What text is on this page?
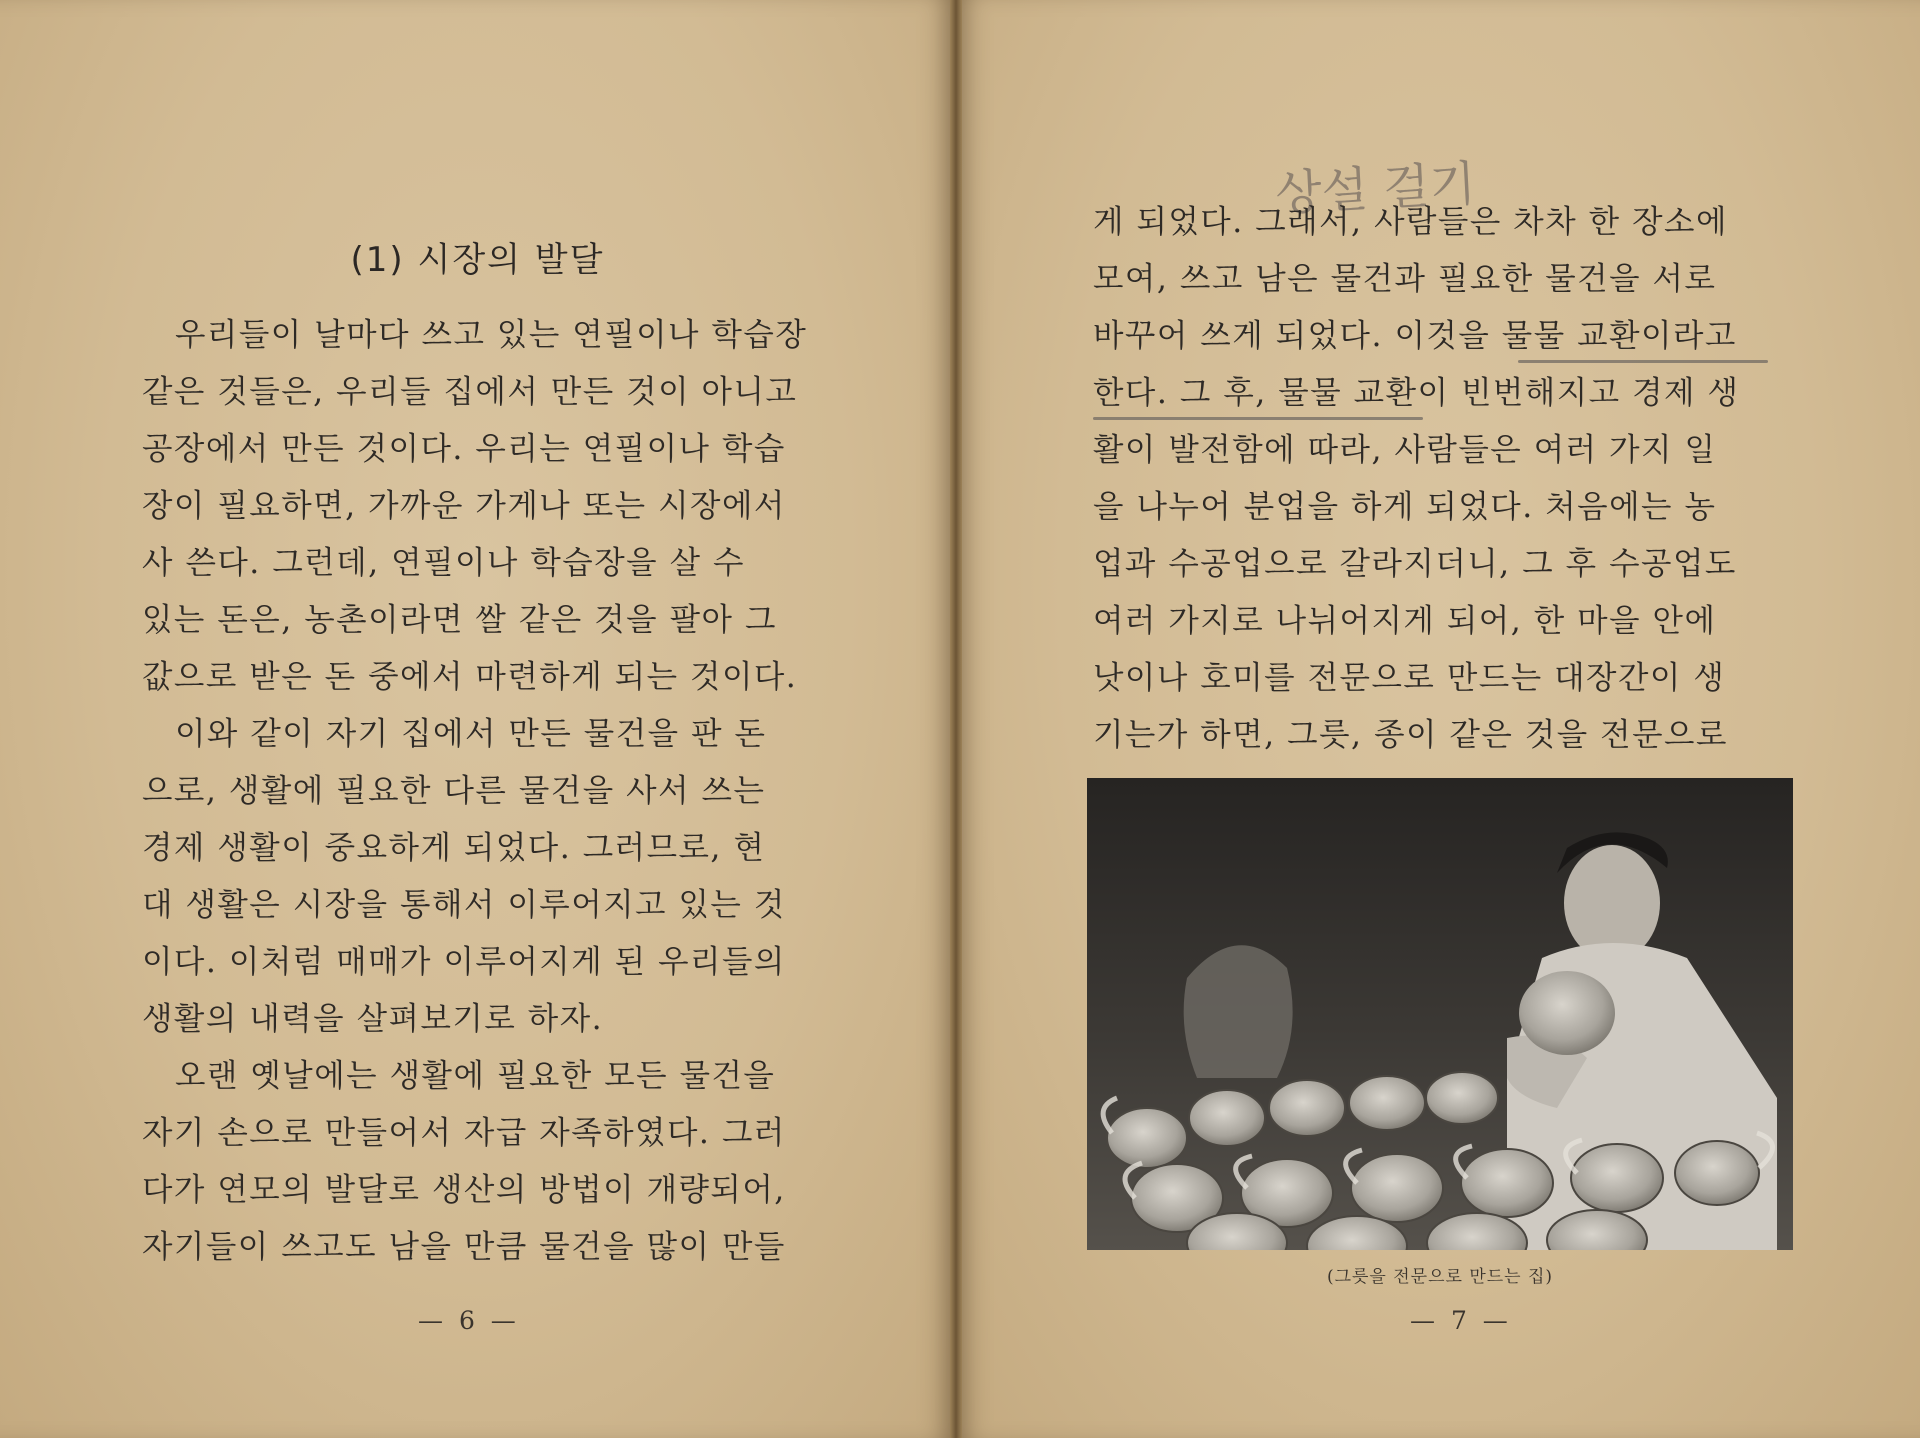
(1) 시장의 발달
　우리들이 날마다 쓰고 있는 연필이나 학습장
같은 것들은, 우리들 집에서 만든 것이 아니고
공장에서 만든 것이다. 우리는 연필이나 학습
장이 필요하면, 가까운 가게나 또는 시장에서
사 쓴다. 그런데, 연필이나 학습장을 살 수
있는 돈은, 농촌이라면 쌀 같은 것을 팔아 그
값으로 받은 돈 중에서 마련하게 되는 것이다.
　이와 같이 자기 집에서 만든 물건을 판 돈
으로, 생활에 필요한 다른 물건을 사서 쓰는
경제 생활이 중요하게 되었다. 그러므로, 현
대 생활은 시장을 통해서 이루어지고 있는 것
이다. 이처럼 매매가 이루어지게 된 우리들의
생활의 내력을 살펴보기로 하자.
　오랜 옛날에는 생활에 필요한 모든 물건을
자기 손으로 만들어서 자급 자족하였다. 그러
다가 연모의 발달로 생산의 방법이 개량되어,
자기들이 쓰고도 남을 만큼 물건을 많이 만들
— 6 —
상설 걸기
게 되었다. 그래서, 사람들은 차차 한 장소에
모여, 쓰고 남은 물건과 필요한 물건을 서로
바꾸어 쓰게 되었다. 이것을 물물 교환이라고
한다. 그 후, 물물 교환이 빈번해지고 경제 생
활이 발전함에 따라, 사람들은 여러 가지 일
을 나누어 분업을 하게 되었다. 처음에는 농
업과 수공업으로 갈라지더니, 그 후 수공업도
여러 가지로 나뉘어지게 되어, 한 마을 안에
낫이나 호미를 전문으로 만드는 대장간이 생
기는가 하면, 그릇, 종이 같은 것을 전문으로
(그릇을 전문으로 만드는 집)
— 7 —
